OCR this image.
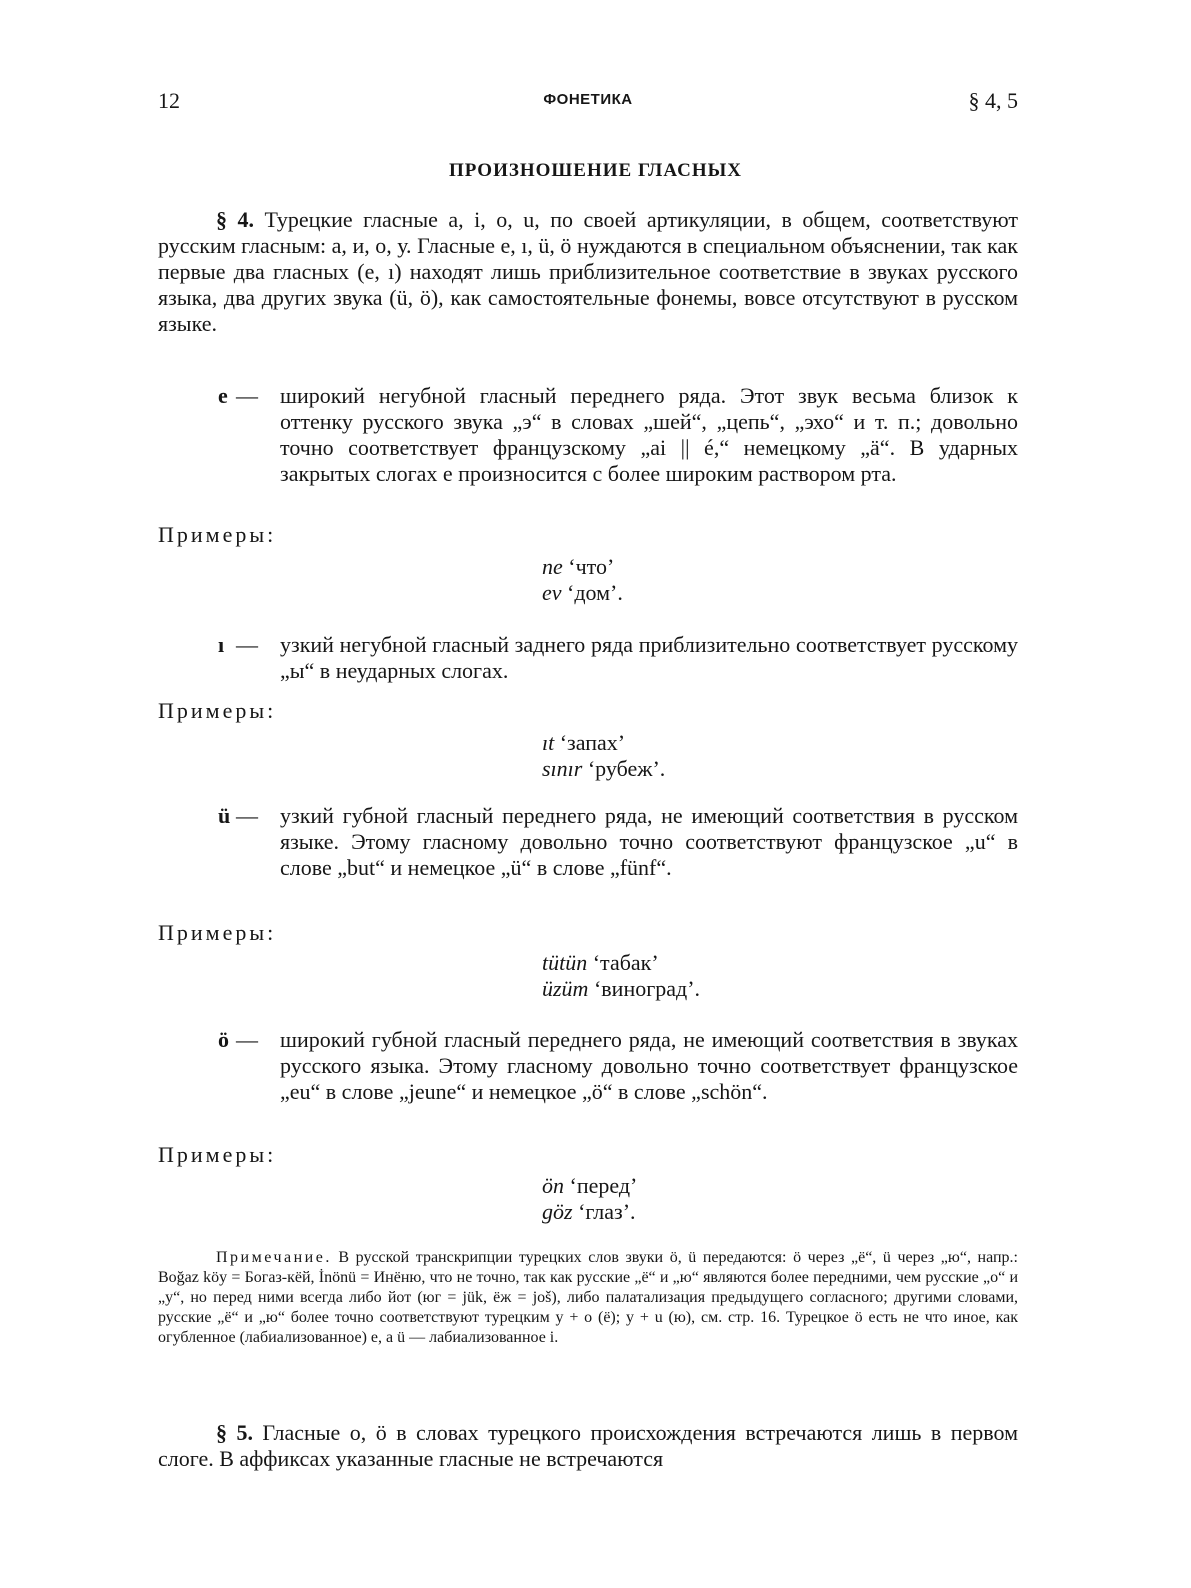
12	ФОНЕТИКА	§ 4, 5
ПРОИЗНОШЕНИЕ ГЛАСНЫХ

§ 4. Турецкие гласные a, i, o, u, по своей артикуляции, в общем, соответствуют русским гласным: а, и, о, у. Гласные e, ı, ü, ö нуждаются в специальном объяснении, так как первые два гласных (e, ı) находят лишь приблизительное соответствие в звуках русского языка, два других звука (ü, ö), как самостоятельные фонемы, вовсе отсутствуют в русском языке.

e — широкий негубной гласный переднего ряда. Этот звук весьма близок к оттенку русского звука „э“ в словах „шей“, „цепь“, „эхо“ и т. п.; довольно точно соответствует французскому „ai || é,“ немецкому „ä“. В ударных закрытых слогах e произносится с более широким раствором рта.
Примеры:
ne ‘что’
ev ‘дом’.
ı — узкий негубной гласный заднего ряда приблизительно соответствует русскому „ы“ в неударных слогах.
Примеры:
ıt ‘запах’
sınır ‘рубеж’.
ü — узкий губной гласный переднего ряда, не имеющий соответствия в русском языке. Этому гласному довольно точно соответствуют французское „u“ в слове „but“ и немецкое „ü“ в слове „fünf“.
Примеры:
tütün ‘табак’
üzüm ‘виноград’.
ö — широкий губной гласный переднего ряда, не имеющий соответствия в звуках русского языка. Этому гласному довольно точно соответствует французское „eu“ в слове „jeune“ и немецкое „ö“ в слове „schön“.
Примеры:
ön ‘перед’
göz ‘глаз’.
Примечание. В русской транскрипции турецких слов звуки ö, ü передаются: ö через „ё“, ü через „ю“, напр.: Boğaz köy = Богаз-кёй, İnönü = Инёню, что не точно, так как русские „ё“ и „ю“ являются более передними, чем русские „о“ и „у“, но перед ними всегда либо йот (юг = jük, ёж = još), либо палатализация предыдущего согласного; другими словами, русские „ё“ и „ю“ более точно соответствуют турецким y + o (ё); y + u (ю), см. стр. 16. Турецкое ö есть не что иное, как огубленное (лабиализованное) e, а ü — лабиализованное i.

§ 5. Гласные o, ö в словах турецкого происхождения встречаются лишь в первом слоге. В аффиксах указанные гласные не встречаются
